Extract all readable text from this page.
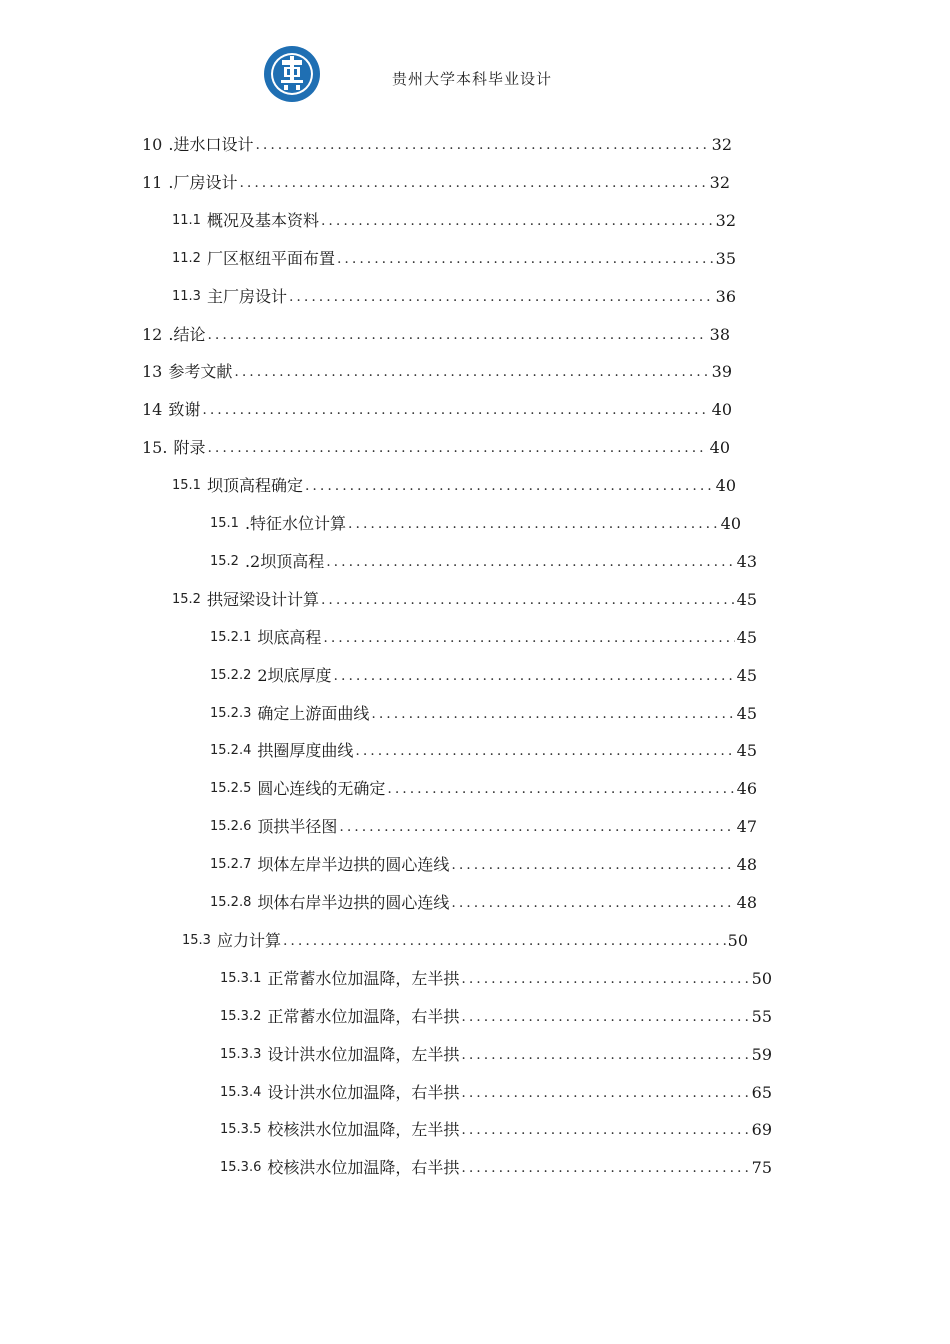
贵州大学本科毕业设计
10 .进水口设计 .....	32
11 .厂房设计 .....	32
11.1 概况及基本资料 .....	32
11.2 厂区枢纽平面布置 .....	35
11.3 主厂房设计 .....	36
12 .结论 .....	38
13 参考文献 .....	39
14 致谢 .....	40
15. 附录 .....	40
15.1 坝顶高程确定 .....	40
15.1 .特征水位计算 .....	40
15.2 .2坝顶高程 .....	43
15.2 拱冠梁设计计算 .....	45
15.2.1 坝底高程 .....	45
15.2.2 2坝底厚度 .....	45
15.2.3 确定上游面曲线 .....	45
15.2.4 拱圈厚度曲线 .....	45
15.2.5 圆心连线的无确定 .....	46
15.2.6 顶拱半径图 .....	47
15.2.7 坝体左岸半边拱的圆心连线 .....	48
15.2.8 坝体右岸半边拱的圆心连线 .....	48
15.3 应力计算 .....	50
15.3.1 正常蓄水位加温降，左半拱 .....	50
15.3.2 正常蓄水位加温降，右半拱 .....	55
15.3.3 设计洪水位加温降，左半拱 .....	59
15.3.4 设计洪水位加温降，右半拱 .....	65
15.3.5 校核洪水位加温降，左半拱 .....	69
15.3.6 校核洪水位加温降，右半拱 .....	75
